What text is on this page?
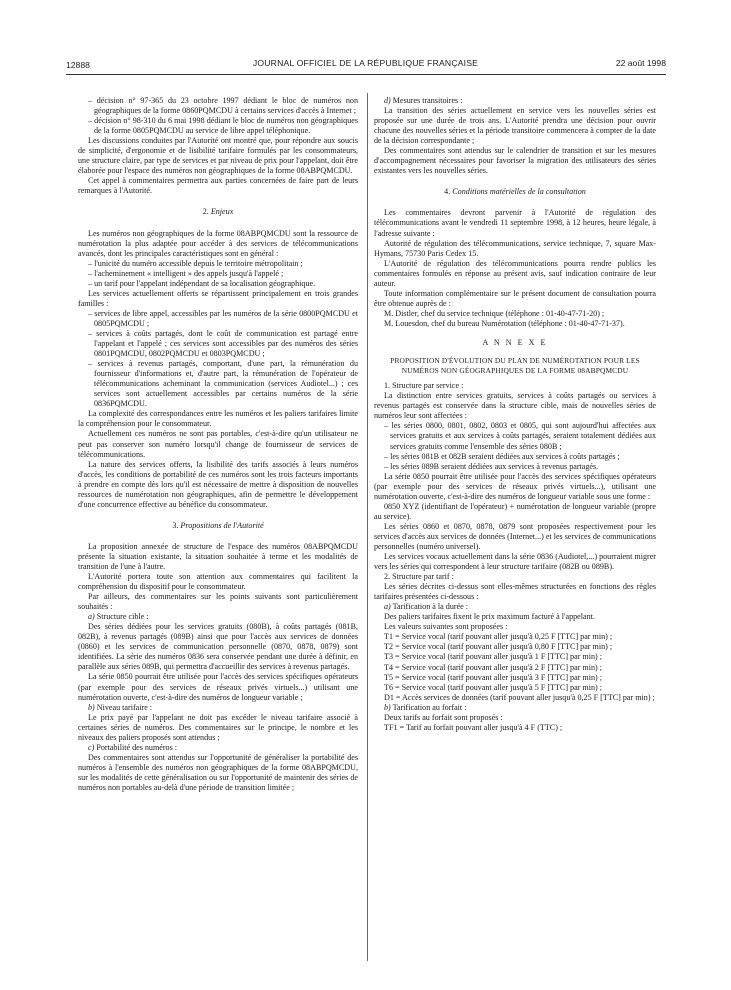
12888	JOURNAL OFFICIEL DE LA RÉPUBLIQUE FRANÇAISE	22 août 1998

– décision n° 97-365 du 23 octobre 1997 dédiant le bloc de numéros non géographiques de la forme 0860PQMCDU à certains services d'accès à Internet ;

– décision n° 98-310 du 6 mai 1998 dédiant le bloc de numéros non géographiques de la forme 0805PQMCDU au service de libre appel téléphonique.

Les discussions conduites par l'Autorité ont montré que, pour répondre aux soucis de simplicité, d'ergonomie et de lisibilité tarifaire formulés par les consommateurs, une structure claire, par type de services et par niveau de prix pour l'appelant, doit être élaborée pour l'espace des numéros non géographiques de la forme 08ABPQMCDU.

Cet appel à commentaires permettra aux parties concernées de faire part de leurs remarques à l'Autorité.

2. Enjeux

Les numéros non géographiques de la forme 08ABPQMCDU sont la ressource de numérotation la plus adaptée pour accéder à des services de télécommunications avancés, dont les principales caractéristiques sont en général :

– l'unicité du numéro accessible depuis le territoire métropolitain ;

– l'acheminement « intelligent » des appels jusqu'à l'appelé ;

– un tarif pour l'appelant indépendant de sa localisation géographique.

Les services actuellement offerts se répartissent principalement en trois grandes familles :

– services de libre appel, accessibles par les numéros de la série 0800PQMCDU et 0805PQMCDU ;

– services à coûts partagés, dont le coût de communication est partagé entre l'appelant et l'appelé ; ces services sont accessibles par des numéros des séries 0801PQMCDU, 0802PQMCDU et 0803PQMCDU ;

– services à revenus partagés, comportant, d'une part, la rémunération du fournisseur d'informations et, d'autre part, la rémunération de l'opérateur de télécommunications acheminant la communication (services Audiotel...) ; ces services sont actuellement accessibles par certains numéros de la série 0836PQMCDU.

La complexité des correspondances entre les numéros et les paliers tarifaires limite la compréhension pour le consommateur.

Actuellement ces numéros ne sont pas portables, c'est-à-dire qu'un utilisateur ne peut pas conserver son numéro lorsqu'il change de fournisseur de services de télécommunications.

La nature des services offerts, la lisibilité des tarifs associés à leurs numéros d'accès, les conditions de portabilité de ces numéros sont les trois facteurs importants à prendre en compte dès lors qu'il est nécessaire de mettre à disposition de nouvelles ressources de numérotation non géographiques, afin de permettre le développement d'une concurrence effective au bénéfice du consommateur.

3. Propositions de l'Autorité

La proposition annexée de structure de l'espace des numéros 08ABPQMCDU présente la situation existante, la situation souhaitée à terme et les modalités de transition de l'une à l'autre.

L'Autorité portera toute son attention aux commentaires qui facilitent la compréhension du dispositif pour le consommateur.

Par ailleurs, des commentaires sur les points suivants sont particulièrement souhaités :

a) Structure cible :

Des séries dédiées pour les services gratuits (080B), à coûts partagés (081B, 082B), à revenus partagés (089B) ainsi que pour l'accès aux services de données (0860) et les services de communication personnelle (0870, 0878, 0879) sont identifiées. La série des numéros 0836 sera conservée pendant une durée à définir, en parallèle aux séries 089B, qui permettra d'accueillir des services à revenus partagés.

La série 0850 pourrait être utilisée pour l'accès des services spécifiques opérateurs (par exemple pour des services de réseaux privés virtuels...) utilisant une numérotation ouverte, c'est-à-dire des numéros de longueur variable ;

b) Niveau tarifaire :

Le prix payé par l'appelant ne doit pas excéder le niveau tarifaire associé à certaines séries de numéros. Des commentaires sur le principe, le nombre et les niveaux des paliers proposés sont attendus ;

c) Portabilité des numéros :

Des commentaires sont attendus sur l'opportunité de généraliser la portabilité des numéros à l'ensemble des numéros non géographiques de la forme 08ABPQMCDU, sur les modalités de cette généralisation ou sur l'opportunité de maintenir des séries de numéros non portables au-delà d'une période de transition limitée ;

d) Mesures transitoires :

La transition des séries actuellement en service vers les nouvelles séries est proposée sur une durée de trois ans. L'Autorité prendra une décision pour ouvrir chacune des nouvelles séries et la période transitoire commencera à compter de la date de la décision correspondante ;

Des commentaires sont attendus sur le calendrier de transition et sur les mesures d'accompagnement nécessaires pour favoriser la migration des utilisateurs des séries existantes vers les nouvelles séries.

4. Conditions matérielles de la consultation

Les commentaires devront parvenir à l'Autorité de régulation des télécommunications avant le vendredi 11 septembre 1998, à 12 heures, heure légale, à l'adresse suivante :

Autorité de régulation des télécommunications, service technique, 7, square Max-Hymans, 75730 Paris Cedex 15.

L'Autorité de régulation des télécommunications pourra rendre publics les commentaires formulés en réponse au présent avis, sauf indication contraire de leur auteur.

Toute information complémentaire sur le présent document de consultation pourra être obtenue auprès de :

M. Distler, chef du service technique (téléphone : 01-40-47-71-20) ;

M. Louesdon, chef du bureau Numérotation (téléphone : 01-40-47-71-37).

A N N E X E
PROPOSITION D'ÉVOLUTION DU PLAN DE NUMÉROTATION POUR LES NUMÉROS NON GÉOGRAPHIQUES DE LA FORME 08ABPQMCDU

1. Structure par service :

La distinction entre services gratuits, services à coûts partagés ou services à revenus partagés est conservée dans la structure cible, mais de nouvelles séries de numéros leur sont affectées :

– les séries 0800, 0801, 0802, 0803 et 0805, qui sont aujourd'hui affectées aux services gratuits et aux services à coûts partagés, seraient totalement dédiées aux services gratuits comme l'ensemble des séries 080B ;

– les séries 081B et 082B seraient dédiées aux services à coûts partagés ;

– les séries 089B seraient dédiées aux services à revenus partagés.

La série 0850 pourrait être utilisée pour l'accès des services spécifiques opérateurs (par exemple pour des services de réseaux privés virtuels...), utilisant une numérotation ouverte, c'est-à-dire des numéros de longueur variable sous une forme :

0850 XYZ (identifiant de l'opérateur) + numérotation de longueur variable (propre au service).

Les séries 0860 et 0870, 0878, 0879 sont proposées respectivement pour les services d'accès aux services de données (Internet...) et les services de communications personnelles (numéro universel).

Les services vocaux actuellement dans la série 0836 (Audiotel,...) pourraient migrer vers les séries qui correspondent à leur structure tarifaire (082B ou 089B).

2. Structure par tarif :

Les séries décrites ci-dessus sont elles-mêmes structurées en fonctions des règles tarifaires présentées ci-dessous :

a) Tarification à la durée :

Des paliers tarifaires fixent le prix maximum facturé à l'appelant.

Les valeurs suivantes sont proposées :

T1 = Service vocal (tarif pouvant aller jusqu'à 0,25 F [TTC] par min) ;

T2 = Service vocal (tarif pouvant aller jusqu'à 0,80 F [TTC] par min) ;

T3 = Service vocal (tarif pouvant aller jusqu'à 1 F [TTC] par min) ;

T4 = Service vocal (tarif pouvant aller jusqu'à 2 F [TTC] par min) ;

T5 = Service vocal (tarif pouvant aller jusqu'à 3 F [TTC] par min) ;

T6 = Service vocal (tarif pouvant aller jusqu'à 5 F [TTC] par min) ;

D1 = Accès services de données (tarif pouvant aller jusqu'à 0,25 F [TTC] par min) ;

b) Tarification au forfait :

Deux tarifs au forfait sont proposés :

TF1 = Tarif au forfait pouvant aller jusqu'à 4 F (TTC) ;
